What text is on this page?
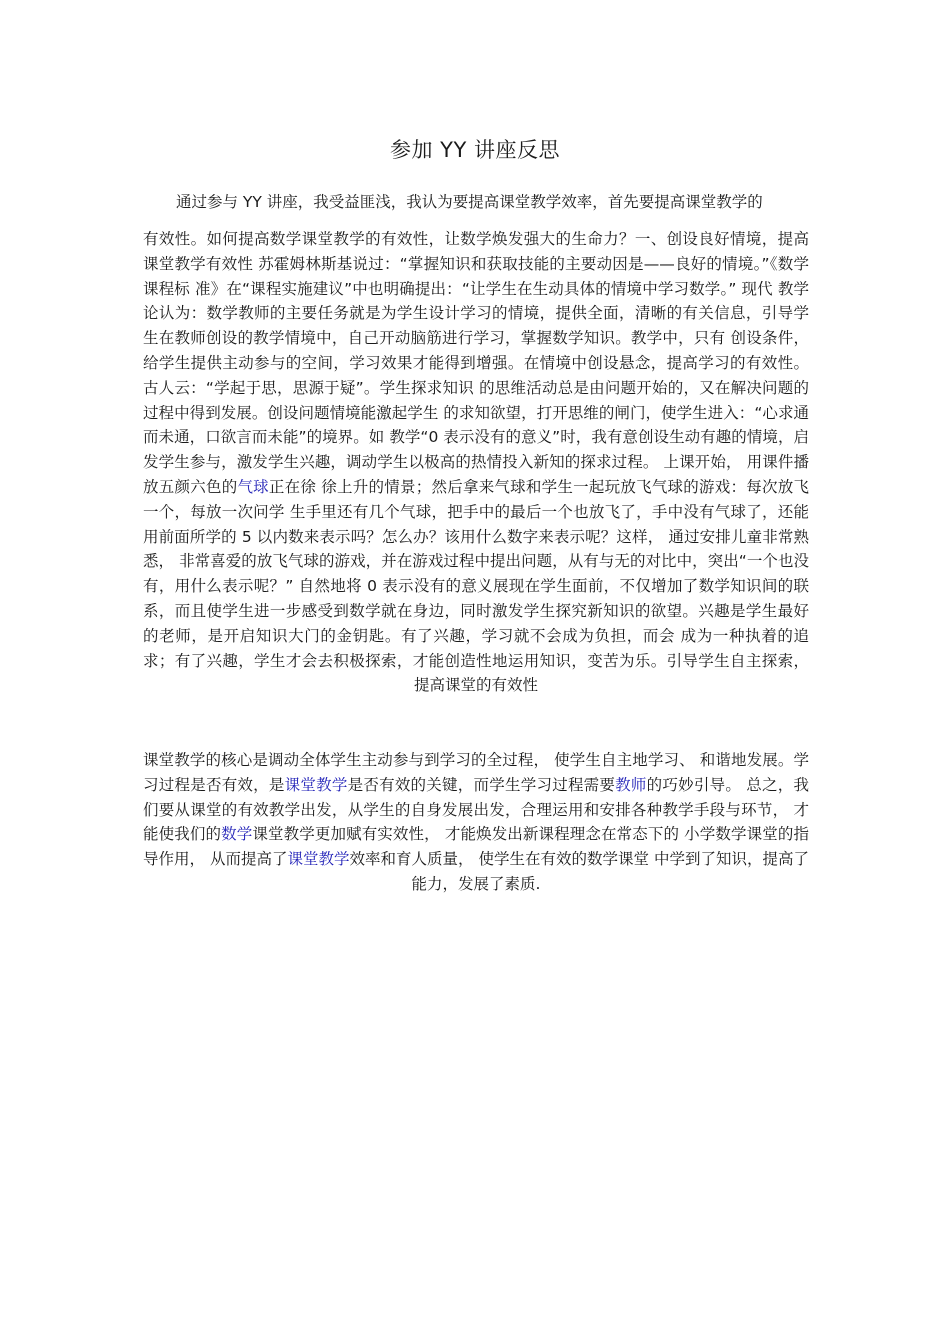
参加 YY 讲座反思
通过参与 YY 讲座，我受益匪浅，我认为要提高课堂教学效率，首先要提高课堂教学的
有效性。如何提高数学课堂教学的有效性，让数学焕发强大的生命力？一、创设良好情境，提高课堂教学有效性 苏霍姆林斯基说过：“掌握知识和获取技能的主要动因是——良好的情境。”《数学课程标 准》在“课程实施建议”中也明确提出：“让学生在生动具体的情境中学习数学。” 现代 教学论认为：数学教师的主要任务就是为学生设计学习的情境，提供全面，清晰的有关信息，引导学生在教师创设的教学情境中，自己开动脑筋进行学习，掌握数学知识。教学中，只有 创设条件，给学生提供主动参与的空间，学习效果才能得到增强。在情境中创设悬念，提高学习的有效性。古人云：“学起于思，思源于疑”。学生探求知识 的思维活动总是由问题开始的，又在解决问题的过程中得到发展。创设问题情境能激起学生 的求知欲望，打开思维的闸门，使学生进入：“心求通而未通，口欲言而未能”的境界。如 教学“0 表示没有的意义”时，我有意创设生动有趣的情境，启发学生参与，激发学生兴趣，调动学生以极高的热情投入新知的探求过程。 上课开始， 用课件播放五颜六色的气球正在徐 徐上升的情景；然后拿来气球和学生一起玩放飞气球的游戏：每次放飞一个，每放一次问学 生手里还有几个气球，把手中的最后一个也放飞了，手中没有气球了，还能用前面所学的 5 以内数来表示吗？怎么办？该用什么数字来表示呢？这样， 通过安排儿童非常熟悉， 非常喜爱的放飞气球的游戏，并在游戏过程中提出问题，从有与无的对比中，突出“一个也没有，用什么表示呢？” 自然地将 0 表示没有的意义展现在学生面前，不仅增加了数学知识间的联 系，而且使学生进一步感受到数学就在身边，同时激发学生探究新知识的欲望。兴趣是学生最好的老师，是开启知识大门的金钥匙。有了兴趣，学习就不会成为负担，而会 成为一种执着的追求；有了兴趣，学生才会去积极探索，才能创造性地运用知识，变苦为乐。引导学生自主探索，提高课堂的有效性
课堂教学的核心是调动全体学生主动参与到学习的全过程， 使学生自主地学习、 和谐地发展。学习过程是否有效，是课堂教学是否有效的关键，而学生学习过程需要教师的巧妙引导。 总之，我们要从课堂的有效教学出发，从学生的自身发展出发，合理运用和安排各种教学手段与环节， 才能使我们的数学课堂教学更加赋有实效性， 才能焕发出新课程理念在常态下的 小学数学课堂的指导作用， 从而提高了课堂教学效率和育人质量， 使学生在有效的数学课堂 中学到了知识，提高了能力，发展了素质.
